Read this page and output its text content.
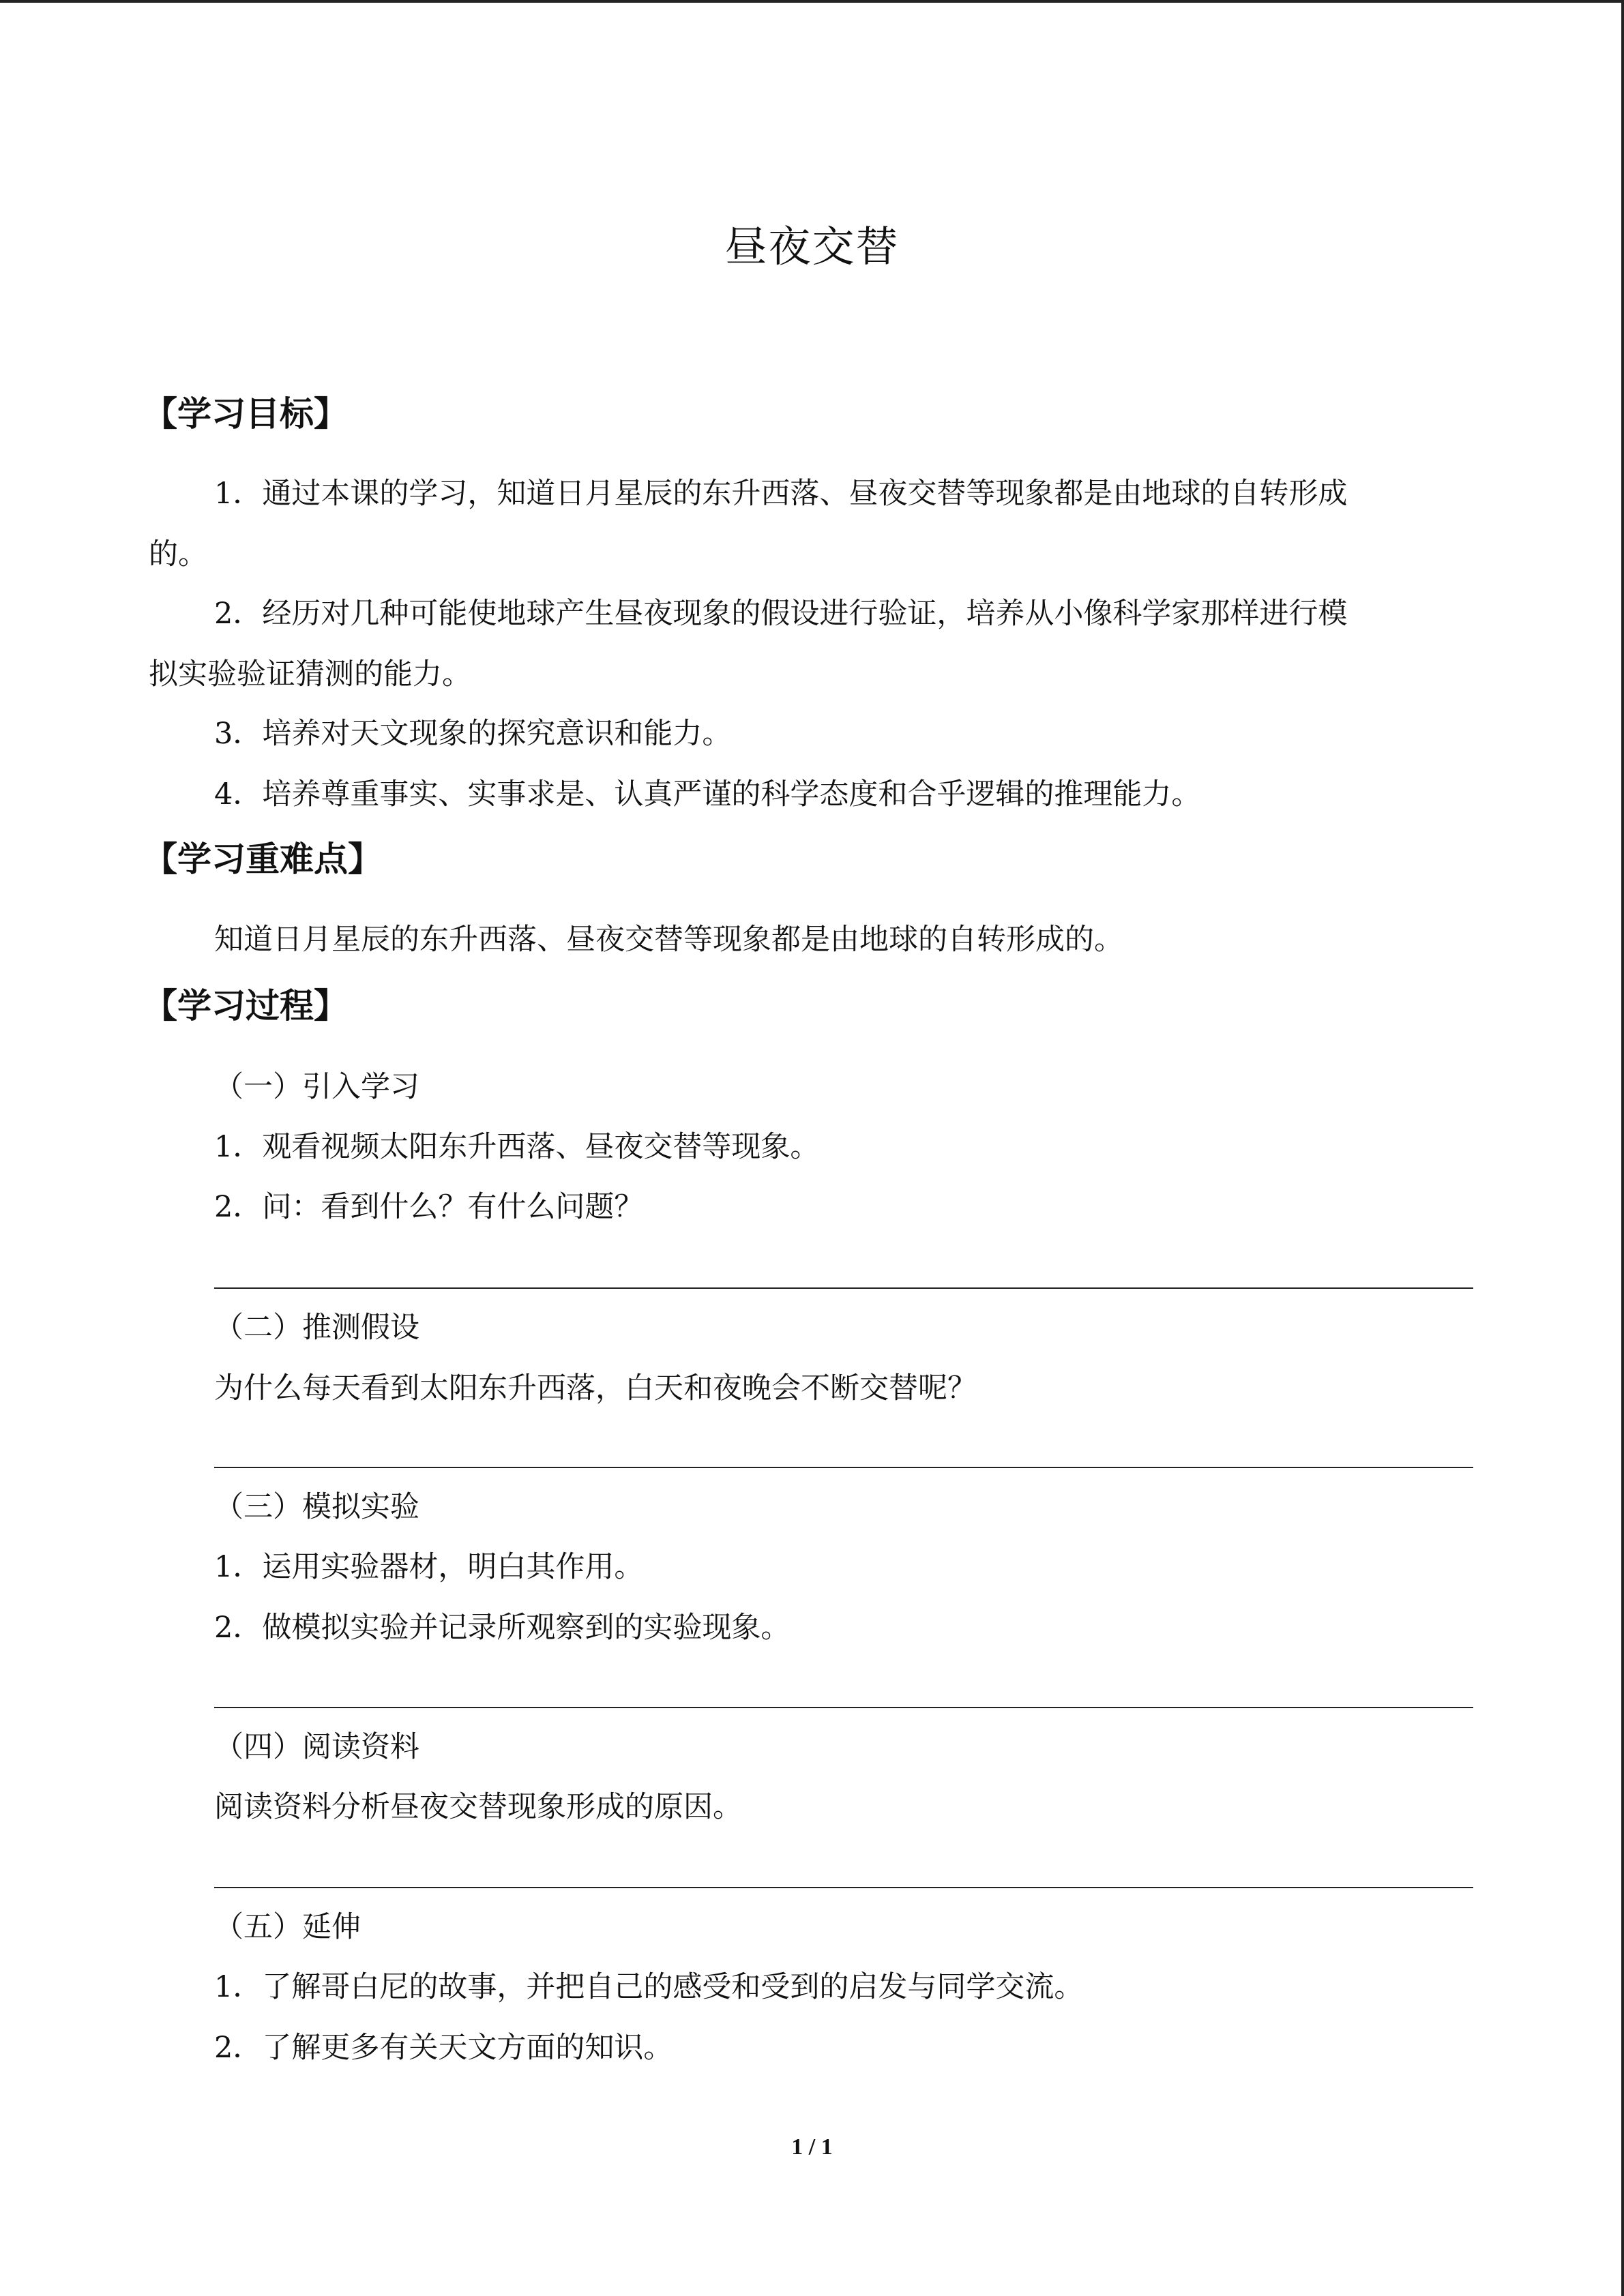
昼夜交替
【学习目标】
1．通过本课的学习，知道日月星辰的东升西落、昼夜交替等现象都是由地球的自转形成
的。
2．经历对几种可能使地球产生昼夜现象的假设进行验证，培养从小像科学家那样进行模
拟实验验证猜测的能力。
3．培养对天文现象的探究意识和能力。
4．培养尊重事实、实事求是、认真严谨的科学态度和合乎逻辑的推理能力。
【学习重难点】
知道日月星辰的东升西落、昼夜交替等现象都是由地球的自转形成的。
【学习过程】
（一）引入学习
1．观看视频太阳东升西落、昼夜交替等现象。
2．问：看到什么？有什么问题？
（二）推测假设
为什么每天看到太阳东升西落，白天和夜晚会不断交替呢？
（三）模拟实验
1．运用实验器材，明白其作用。
2．做模拟实验并记录所观察到的实验现象。
（四）阅读资料
阅读资料分析昼夜交替现象形成的原因。
（五）延伸
1．了解哥白尼的故事，并把自己的感受和受到的启发与同学交流。
2．了解更多有关天文方面的知识。
1 / 1
